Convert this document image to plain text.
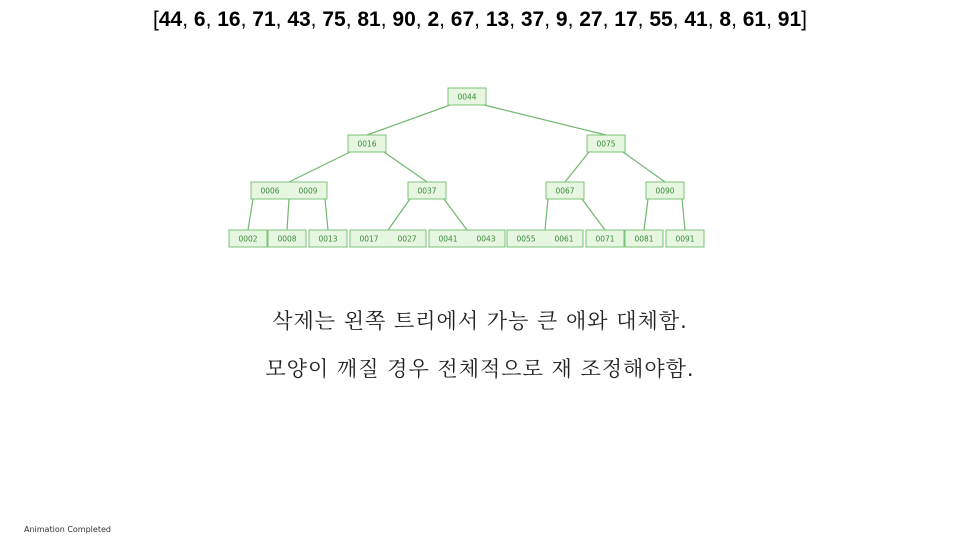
[44, 6, 16, 71, 43, 75, 81, 90, 2, 67, 13, 37, 9, 27, 17, 55, 41, 8, 61, 91]
0044
0016
0006	0009
0002	0008	0013
0037
0017	0027	0041	0043
0075
0067
0055	0061	0071
0090
0081	0091
삭제는 왼쪽 트리에서 가능 큰 애와 대체함.
모양이 깨질 경우 전체적으로 재 조정해야함.
Animation Completed
